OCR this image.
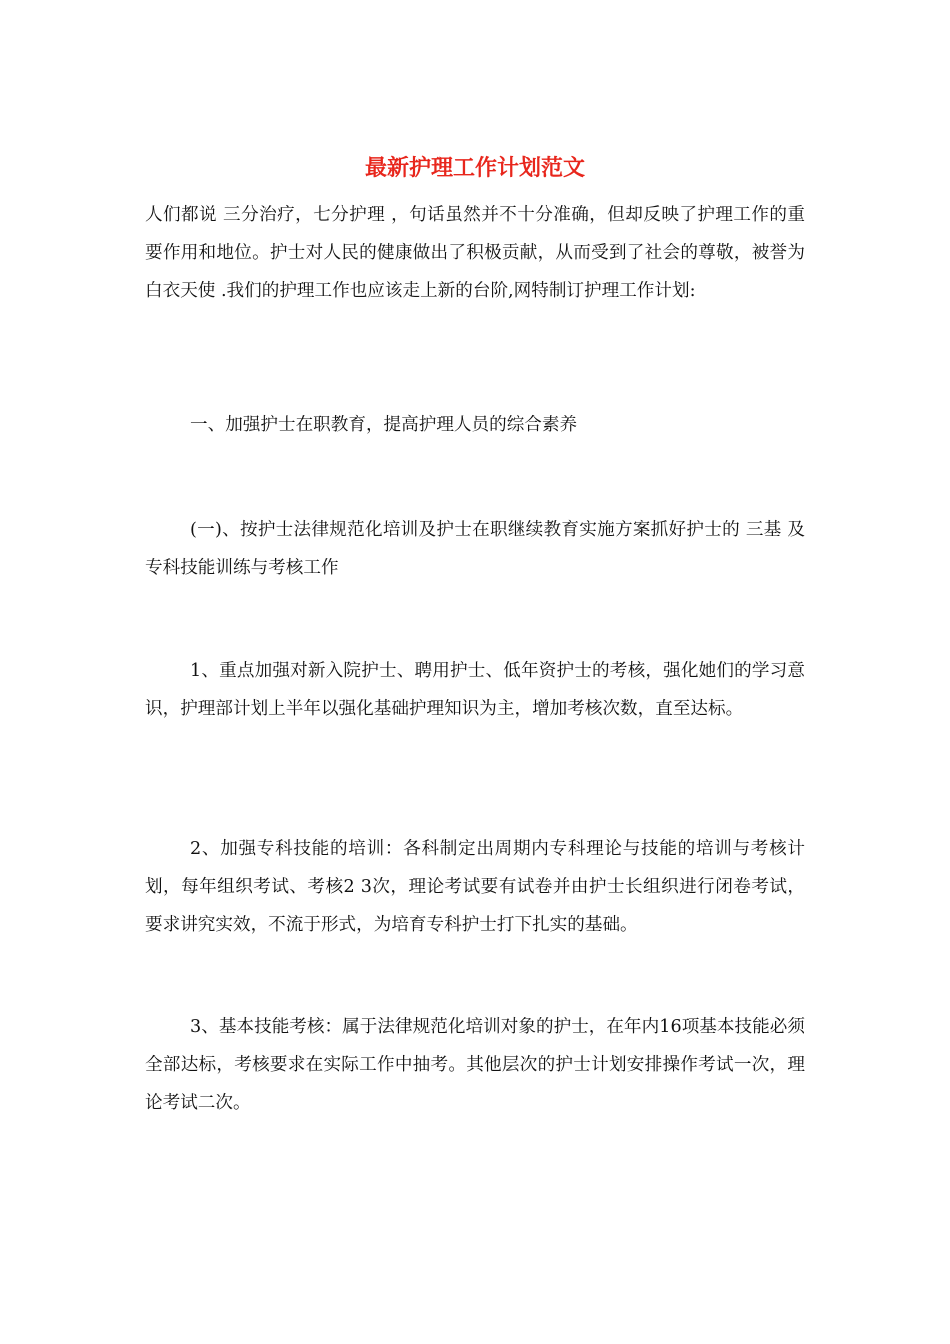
最新护理工作计划范文

人们都说 三分治疗，七分护理 ，句话虽然并不十分准确，但却反映了护理工作的重要作用和地位。护士对人民的健康做出了积极贡献，从而受到了社会的尊敬，被誉为 白衣天使 .我们的护理工作也应该走上新的台阶,网特制订护理工作计划:

一、加强护士在职教育，提高护理人员的综合素养

(一)、按护士法律规范化培训及护士在职继续教育实施方案抓好护士的 三基 及专科技能训练与考核工作

1、重点加强对新入院护士、聘用护士、低年资护士的考核，强化她们的学习意识，护理部计划上半年以强化基础护理知识为主，增加考核次数，直至达标。

2、加强专科技能的培训：各科制定出周期内专科理论与技能的培训与考核计划，每年组织考试、考核2 3次，理论考试要有试卷并由护士长组织进行闭卷考试，要求讲究实效，不流于形式，为培育专科护士打下扎实的基础。

3、基本技能考核：属于法律规范化培训对象的护士，在年内16项基本技能必须全部达标，考核要求在实际工作中抽考。其他层次的护士计划安排操作考试一次，理论考试二次。
